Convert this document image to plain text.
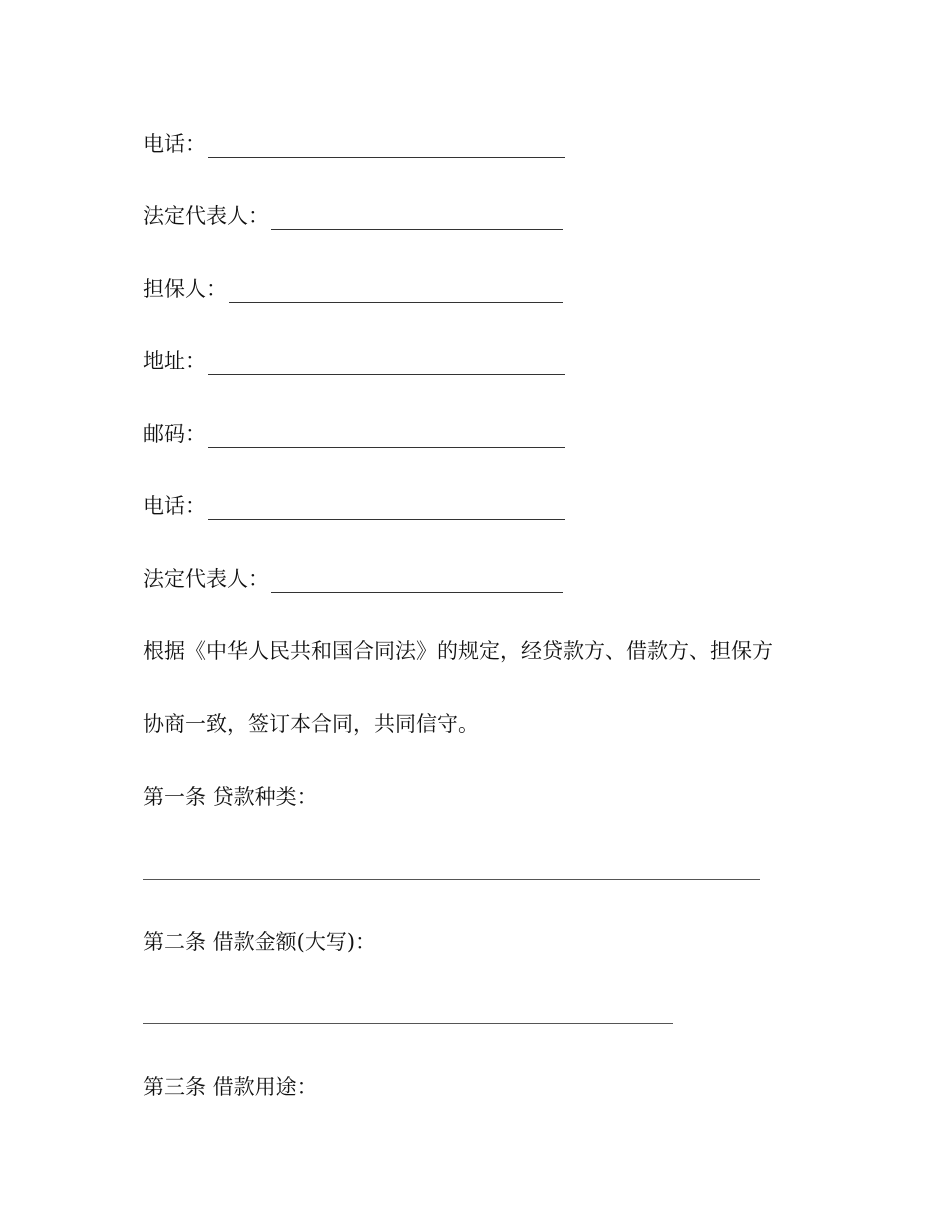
电话：
法定代表人：
担保人：
地址：
邮码：
电话：
法定代表人：
根据《中华人民共和国合同法》的规定，经贷款方、借款方、担保方
协商一致，签订本合同，共同信守。
第一条 贷款种类：
第二条 借款金额(大写)：
第三条 借款用途：
